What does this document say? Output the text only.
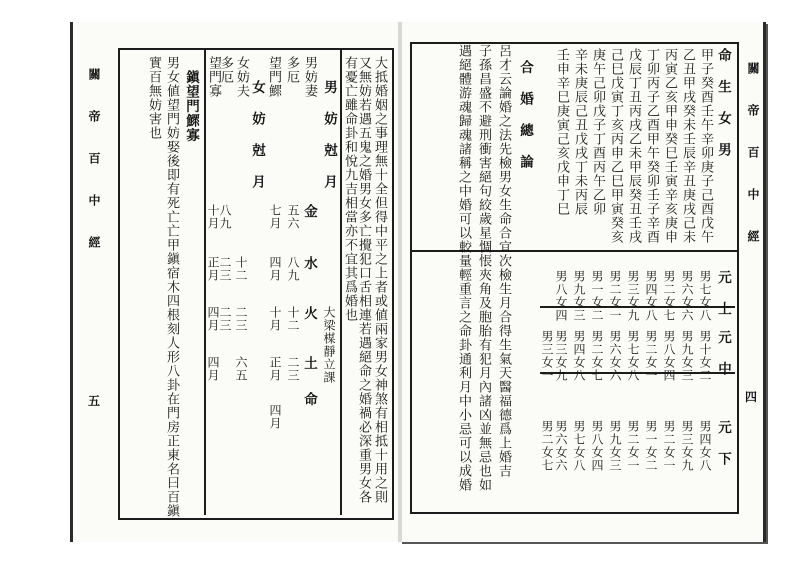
關 帝 百 中 經
五
關 帝 百 中 經
四
命 生 女 男
元 上
元 中
元 下
甲子癸酉壬午辛卯庚子己酉戊午
男七女八
男十女二
男四女八
乙丑甲戌癸未壬辰辛丑庚戌己未
男六女六
男九女三
男三女九
丙寅乙亥甲申癸巳壬寅辛亥庚申
男二女七
男八女四
男二女一
丁卯丙子乙酉甲午癸卯壬子辛酉
男四女八
男二女一
男一女二
戊辰丁丑丙戌乙未甲辰癸丑壬戌
男三女九
男七女八
男二女一
己巳戊寅丁亥丙申乙巳甲寅癸亥
男二女一
男六女六
男九女三
庚午己卯戊子丁酉丙午乙卯
男一女二
男二女七
男八女四
辛未庚辰己丑戊戌丁未丙辰
男九女三
男四女八
男七女八
壬申辛巳庚寅己亥戊申丁巳
男八女四
男三女九
男六女六
男三女一
男二女七
合 婚 總 論
呂才云論婚之法先檢男女生命合宜次檢生月合得生氣天醫福德爲上婚吉
子孫昌盛不避刑衝害絕句絞歲星惆悵夾角及胞胎有犯月內諸凶並無忌也如
遇絕體游魂歸魂諸稱之中婚可以較量輕重言之命卦通利月中小忌可以成婚
大抵婚姻之事理無十全但得中平之上者或値兩家男女神煞有相抵十用之則
又無妨若遇五鬼之婚男女多亡攪犯口舌相連若遇絕命之婚禍必深重男女各
有憂亡雖命卦和悅九吉相當亦不宜其爲婚也
男 妨 尅 月
大梁楳靜立課
金
水
火
土
命
男妨妻
五六
八九
十二
二三
多厄
七月
四月
十月
正月
四月
望門鰥
女 妨 尅 月
女妨夫
十二
二三
六五
多厄
八九
二三
二三
望門寡
十月
正月
四月
四月
鎭望門鰥寡
男女値望門妨娶後即有死亡亡甲鎭宿木四根刻人形八卦在門房正東名曰百鎭
實百無妨害也
